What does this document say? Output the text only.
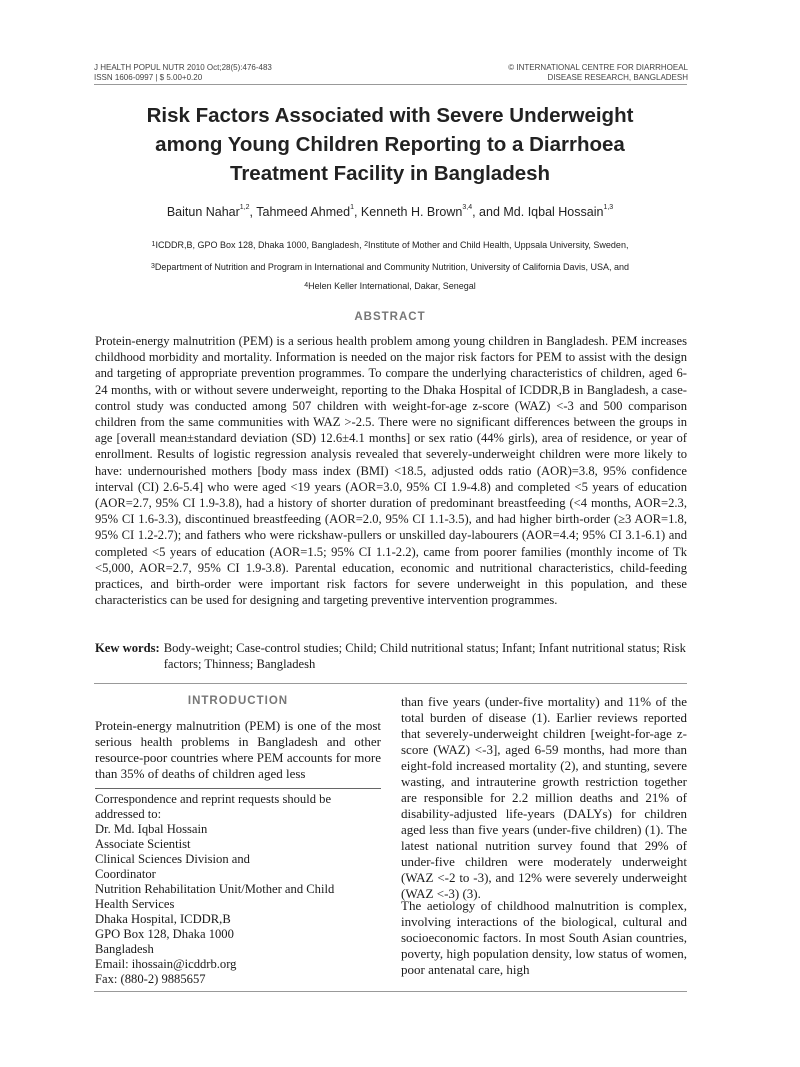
J HEALTH POPUL NUTR 2010 Oct;28(5):476-483
ISSN 1606-0997 | $ 5.00+0.20
© INTERNATIONAL CENTRE FOR DIARRHOEAL
DISEASE RESEARCH, BANGLADESH
Risk Factors Associated with Severe Underweight
among Young Children Reporting to a Diarrhoea
Treatment Facility in Bangladesh
Baitun Nahar$^{1,2}$, Tahmeed Ahmed$^1$, Kenneth H. Brown$^{3,4}$, and Md. Iqbal Hossain$^{1,3}$
$^1$ICDDR,B, GPO Box 128, Dhaka 1000, Bangladesh, $^2$Institute of Mother and Child Health, Uppsala University, Sweden,
$^3$Department of Nutrition and Program in International and Community Nutrition, University of California Davis, USA, and
$^4$Helen Keller International, Dakar, Senegal
ABSTRACT

Protein-energy malnutrition (PEM) is a serious health problem among young children in Bangladesh. PEM increases childhood morbidity and mortality. Information is needed on the major risk factors for PEM to assist with the design and targeting of appropriate prevention programmes. To compare the underlying characteristics of children, aged 6-24 months, with or without severe underweight, reporting to the Dhaka Hospital of ICDDR,B in Bangladesh, a case-control study was conducted among 507 children with weight-for-age z-score (WAZ) <-3 and 500 comparison children from the same communities with WAZ >-2.5. There were no significant differences between the groups in age [overall mean±standard deviation (SD) 12.6±4.1 months] or sex ratio (44% girls), area of residence, or year of enrollment. Results of logistic regression analysis revealed that severely-underweight children were more likely to have: undernourished mothers [body mass index (BMI) <18.5, adjusted odds ratio (AOR)=3.8, 95% confidence interval (CI) 2.6-5.4] who were aged <19 years (AOR=3.0, 95% CI 1.9-4.8) and completed <5 years of education (AOR=2.7, 95% CI 1.9-3.8), had a history of shorter duration of predominant breastfeeding (<4 months, AOR=2.3, 95% CI 1.6-3.3), discontinued breastfeeding (AOR=2.0, 95% CI 1.1-3.5), and had higher birth-order (≥3 AOR=1.8, 95% CI 1.2-2.7); and fathers who were rickshaw-pullers or unskilled day-labourers (AOR=4.4; 95% CI 3.1-6.1) and completed <5 years of education (AOR=1.5; 95% CI 1.1-2.2), came from poorer families (monthly income of Tk <5,000, AOR=2.7, 95% CI 1.9-3.8). Parental education, economic and nutritional characteristics, child-feeding practices, and birth-order were important risk factors for severe underweight in this population, and these characteristics can be used for designing and targeting preventive intervention programmes.

Kew words: Body-weight; Case-control studies; Child; Child nutritional status; Infant; Infant nutritional status; Risk factors; Thinness; Bangladesh
INTRODUCTION

Protein-energy malnutrition (PEM) is one of the most serious health problems in Bangladesh and other resource-poor countries where PEM accounts for more than 35% of deaths of children aged less

Correspondence and reprint requests should be
addressed to:
Dr. Md. Iqbal Hossain
Associate Scientist
Clinical Sciences Division and
Coordinator
Nutrition Rehabilitation Unit/Mother and Child
Health Services
Dhaka Hospital, ICDDR,B
GPO Box 128, Dhaka 1000
Bangladesh
Email: ihossain@icddrb.org
Fax: (880-2) 9885657

than five years (under-five mortality) and 11% of the total burden of disease (1). Earlier reviews reported that severely-underweight children [weight-for-age z-score (WAZ) <-3], aged 6-59 months, had more than eight-fold increased mortality (2), and stunting, severe wasting, and intrauterine growth restriction together are responsible for 2.2 million deaths and 21% of disability-adjusted life-years (DALYs) for children aged less than five years (under-five children) (1). The latest national nutrition survey found that 29% of under-five children were moderately underweight (WAZ <-2 to -3), and 12% were severely underweight (WAZ <-3) (3).

The aetiology of childhood malnutrition is complex, involving interactions of the biological, cultural and socioeconomic factors. In most South Asian countries, poverty, high population density, low status of women, poor antenatal care, high
